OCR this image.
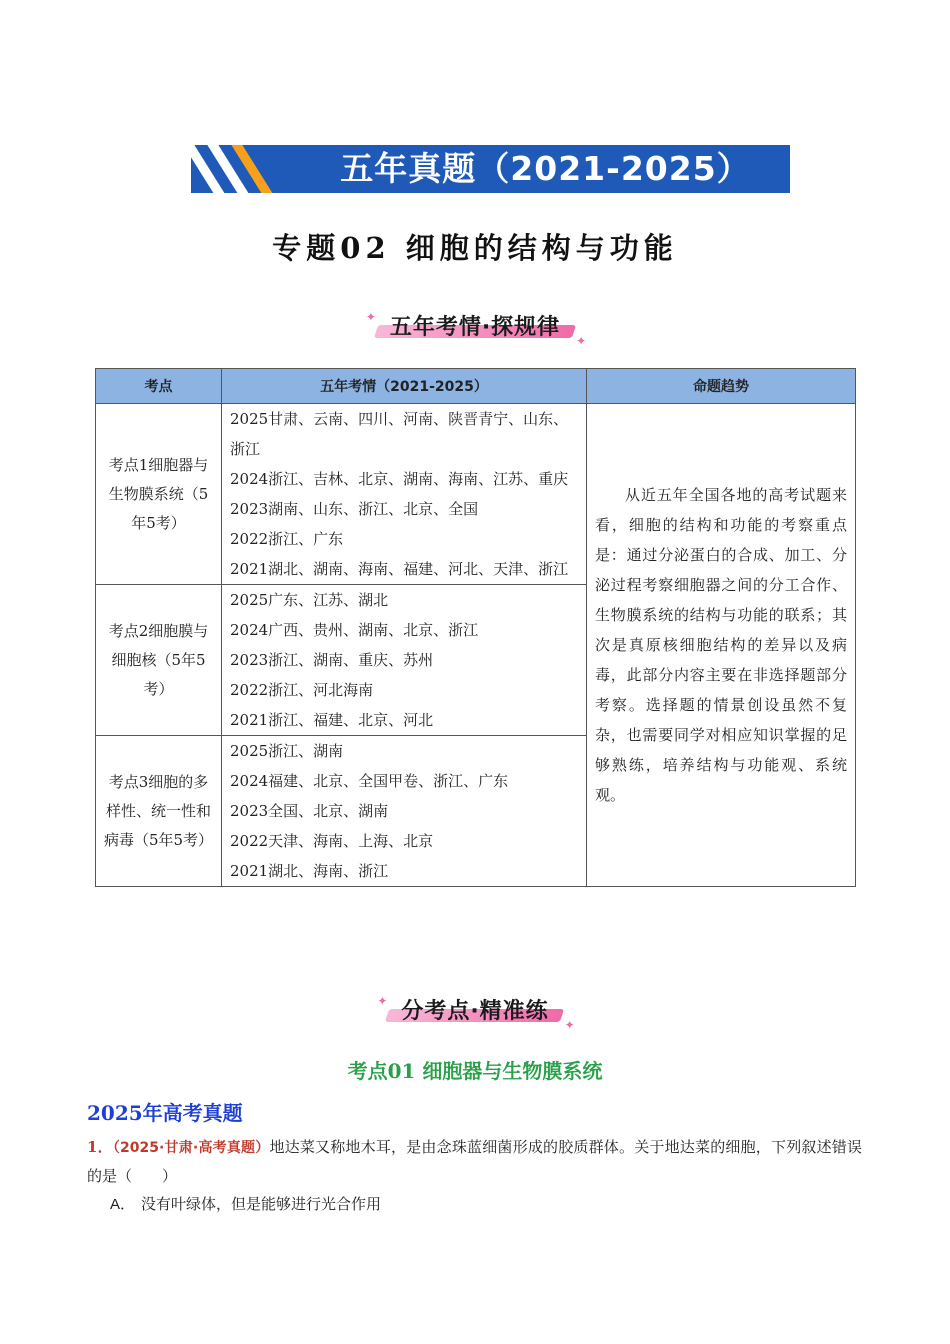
五年真题（2021-2025）
专题02 细胞的结构与功能
✦ 五年考情·探规律
✦
考点	五年考情（2021-2025）	命题趋势
考点1细胞器与生物膜系统（5年5考）	2025甘肃、云南、四川、河南、陕晋青宁、山东、浙江
2024浙江、吉林、北京、湖南、海南、江苏、重庆
2023湖南、山东、浙江、北京、全国
2022浙江、广东
2021湖北、湖南、海南、福建、河北、天津、浙江	从近五年全国各地的高考试题来看，细胞的结构和功能的考察重点是：通过分泌蛋白的合成、加工、分泌过程考察细胞器之间的分工合作、生物膜系统的结构与功能的联系；其次是真原核细胞结构的差异以及病毒，此部分内容主要在非选择题部分考察。选择题的情景创设虽然不复杂，也需要同学对相应知识掌握的足够熟练，培养结构与功能观、系统观。
考点2细胞膜与细胞核（5年5考）	2025广东、江苏、湖北
2024广西、贵州、湖南、北京、浙江
2023浙江、湖南、重庆、苏州
2022浙江、河北海南
2021浙江、福建、北京、河北	

考点3细胞的多样性、统一性和病毒（5年5考）	2025浙江、湖南
2024福建、北京、全国甲卷、浙江、广东
2023全国、北京、湖南
2022天津、海南、上海、北京
2021湖北、海南、浙江	
✦ 分考点·精准练
✦
考点01 细胞器与生物膜系统
2025年高考真题
1．（2025·甘肃·高考真题）地达菜又称地木耳，是由念珠蓝细菌形成的胶质群体。关于地达菜的细胞，下列叙述错误的是（　　）
A． 没有叶绿体，但是能够进行光合作用
